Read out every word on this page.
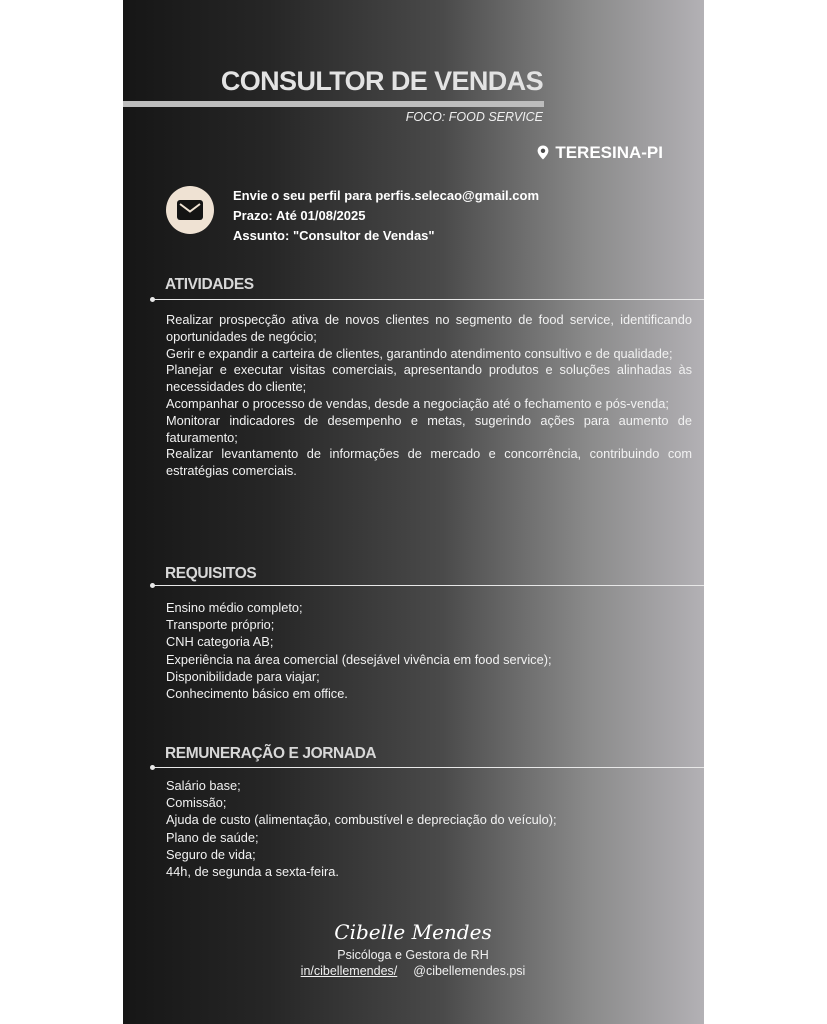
CONSULTOR DE VENDAS
FOCO: FOOD SERVICE
TERESINA-PI
Envie o seu perfil para perfis.selecao@gmail.com
Prazo: Até 01/08/2025
Assunto: "Consultor de Vendas"
ATIVIDADES

Realizar prospecção ativa de novos clientes no segmento de food service, identificando oportunidades de negócio;

Gerir e expandir a carteira de clientes, garantindo atendimento consultivo e de qualidade;

Planejar e executar visitas comerciais, apresentando produtos e soluções alinhadas às necessidades do cliente;

Acompanhar o processo de vendas, desde a negociação até o fechamento e pós-venda;

Monitorar indicadores de desempenho e metas, sugerindo ações para aumento de faturamento;

Realizar levantamento de informações de mercado e concorrência, contribuindo com estratégias comerciais.

REQUISITOS

Ensino médio completo;

Transporte próprio;

CNH categoria AB;

Experiência na área comercial (desejável vivência em food service);

Disponibilidade para viajar;

Conhecimento básico em office.

REMUNERAÇÃO E JORNADA

Salário base;

Comissão;

Ajuda de custo (alimentação, combustível e depreciação do veículo);

Plano de saúde;

Seguro de vida;

44h, de segunda a sexta-feira.

Cibelle Mendes
Psicóloga e Gestora de RH
in/cibellemendes/ @cibellemendes.psi
